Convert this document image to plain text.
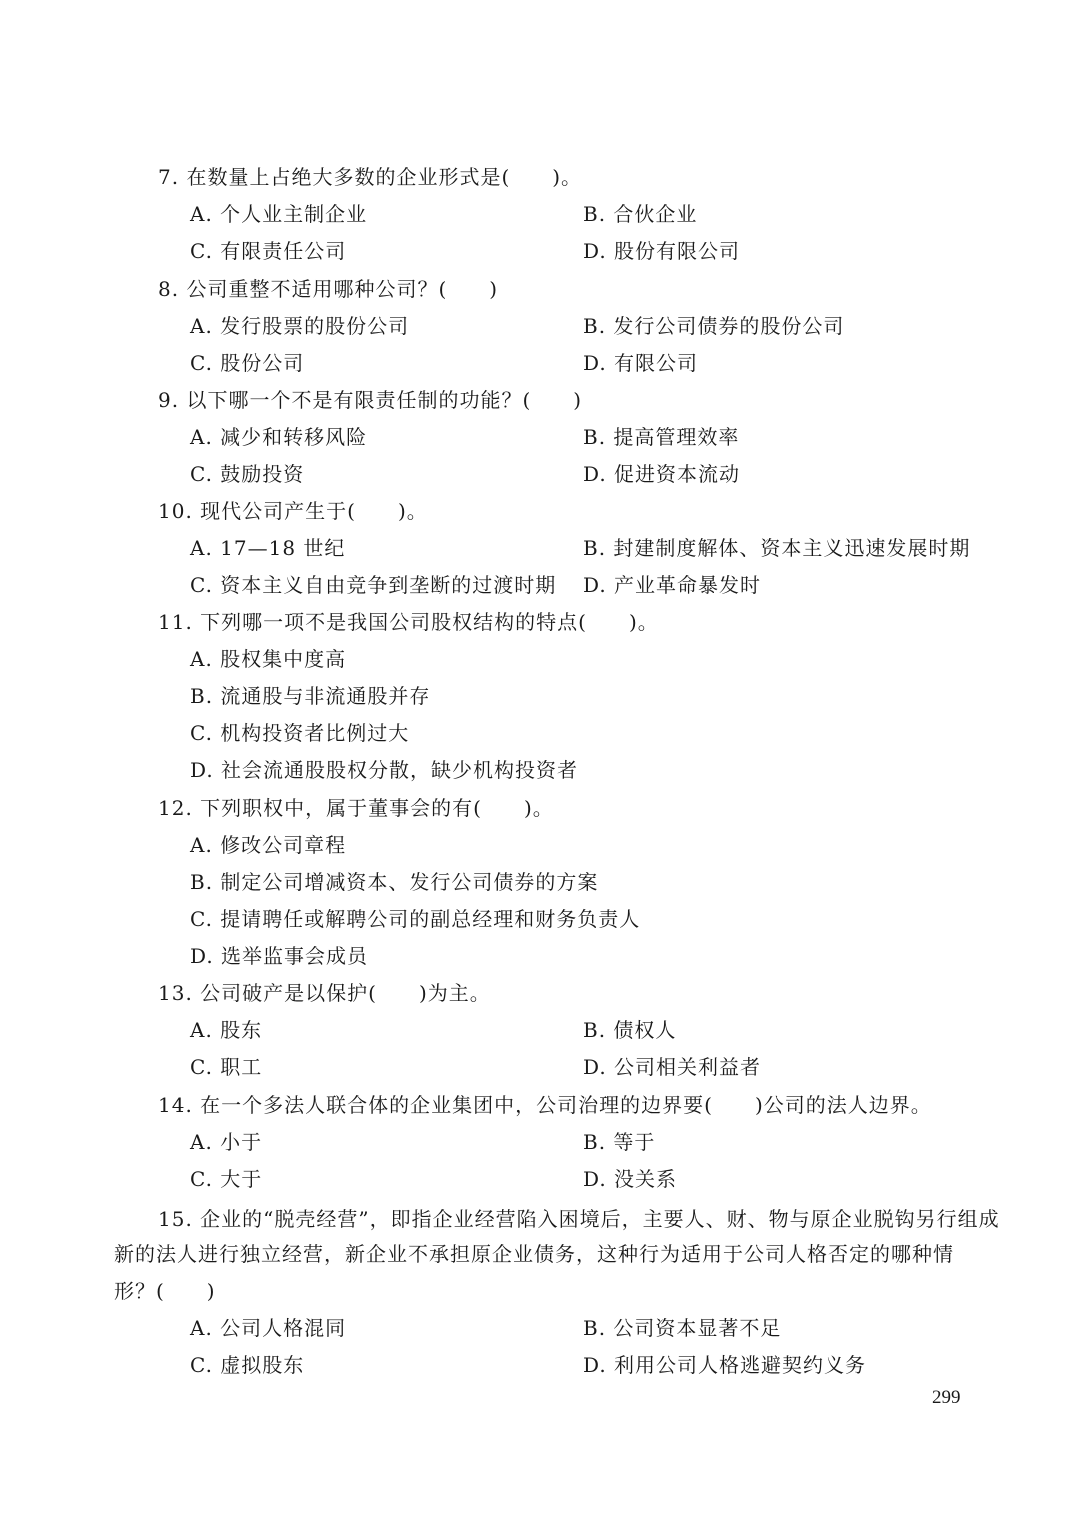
7. 在数量上占绝大多数的企业形式是(　　)。
A. 个人业主制企业	B. 合伙企业
C. 有限责任公司	D. 股份有限公司
8. 公司重整不适用哪种公司？(　　)
A. 发行股票的股份公司	B. 发行公司债券的股份公司
C. 股份公司	D. 有限公司
9. 以下哪一个不是有限责任制的功能？(　　)
A. 减少和转移风险	B. 提高管理效率
C. 鼓励投资	D. 促进资本流动
10. 现代公司产生于(　　)。
A. 17—18 世纪	B. 封建制度解体、资本主义迅速发展时期
C. 资本主义自由竞争到垄断的过渡时期 D. 产业革命暴发时
11. 下列哪一项不是我国公司股权结构的特点(　　)。
A. 股权集中度高
B. 流通股与非流通股并存
C. 机构投资者比例过大
D. 社会流通股股权分散，缺少机构投资者
12. 下列职权中，属于董事会的有(　　)。
A. 修改公司章程
B. 制定公司增减资本、发行公司债券的方案
C. 提请聘任或解聘公司的副总经理和财务负责人
D. 选举监事会成员
13. 公司破产是以保护(　　)为主。
A. 股东	B. 债权人
C. 职工	D. 公司相关利益者
14. 在一个多法人联合体的企业集团中，公司治理的边界要(　　)公司的法人边界。
A. 小于	B. 等于
C. 大于	D. 没关系
15. 企业的“脱壳经营”，即指企业经营陷入困境后，主要人、财、物与原企业脱钩另行组成
新的法人进行独立经营，新企业不承担原企业债务，这种行为适用于公司人格否定的哪种情
形？(　　)
A. 公司人格混同	B. 公司资本显著不足
C. 虚拟股东	D. 利用公司人格逃避契约义务
299
